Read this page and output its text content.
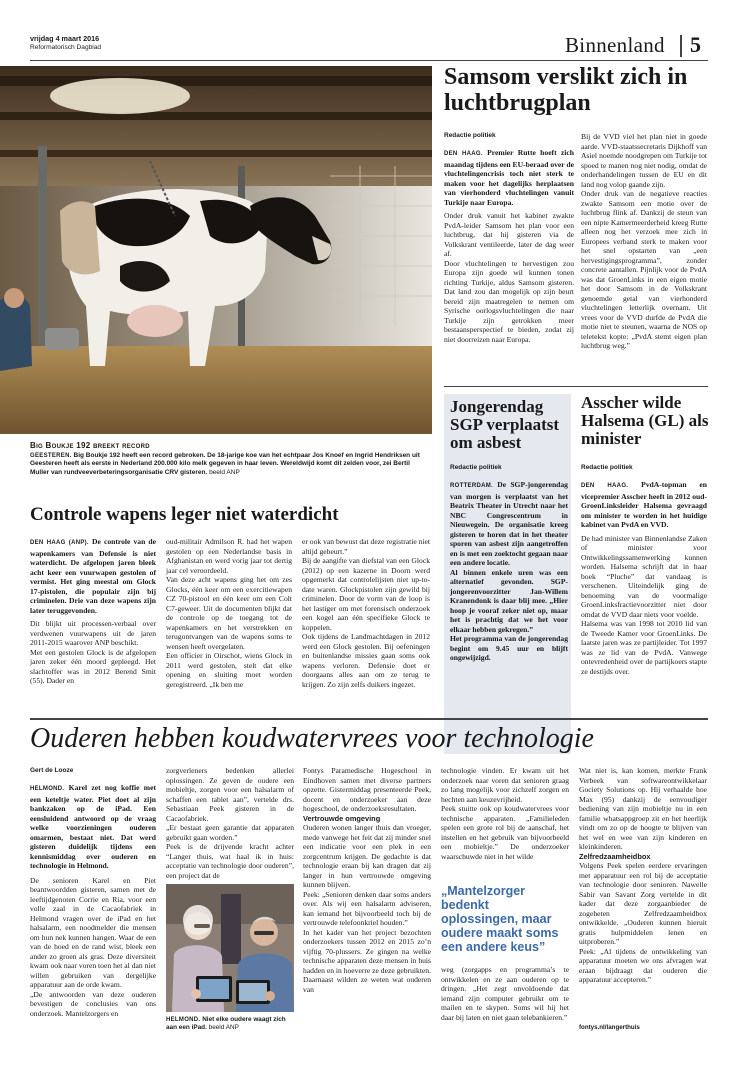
vrijdag 4 maart 2016
Reformatorisch Dagblad	Binnenland 5
Big Boukje 192 breekt record
GEESTEREN. Big Boukje 192 heeft een record gebroken. De 18-jarige koe van het echtpaar Jos Knoef en Ingrid Hendriksen uit Geesteren heeft als eerste in Nederland 200.000 kilo melk gegeven in haar leven. Wereldwijd komt dit zelden voor, zei Bertil Muller van rundveeverbeteringsorganisatie CRV gisteren. beeld ANP
Samsom verslikt zich in luchtbrugplan
Redactie politiek

DEN HAAG. Premier Rutte hoeft zich maandag tijdens een EU-beraad over de vluchtelingencrisis toch niet sterk te maken voor het dagelijks herplaatsen van vierhonderd vluchtelingen vanuit Turkije naar Europa.

Onder druk vanuit het kabinet zwakte PvdA-leider Samsom het plan voor een luchtbrug, dat hij gisteren via de Volkskrant ventileerde, later de dag weer af.

Door vluchtelingen te hervestigen zou Europa zijn goede wil kunnen tonen richting Turkije, aldus Samsom gisteren. Dat land zou dan mogelijk op zijn beurt bereid zijn maatregelen te nemen om Syrische oorlogsvluchtelingen die naar Turkije zijn getrokken meer bestaansperspectief te bieden, zodat zij niet doorreizen naar Europa.

Bij de VVD viel het plan niet in goede aarde. VVD-staatssecretaris Dijkhoff van Asiel noemde noodgrepen om Turkije tot spoed te manen nog niet nodig, omdat de onderhandelingen tussen de EU en dit land nog volop gaande zijn.

Onder druk van de negatieve reacties zwakte Samsom een motie over de luchtbrug flink af. Dankzij de steun van een nipte Kamermeerderheid kreeg Rutte alleen nog het verzoek mee zich in Europees verband sterk te maken voor het snel opstarten van „een hervestigingsprogramma”, zonder concrete aantallen. Pijnlijk voor de PvdA was dat GroenLinks in een eigen motie het door Samsom in de Volkskrant genoemde getal van vierhonderd vluchtelingen letterlijk overnam. Uit vrees voor de VVD durfde de PvdA die motie niet te steunen, waarna de NOS op teletekst kopte: „PvdA stemt eigen plan luchtbrug weg.”

Jongerendag SGP verplaatst om asbest
Redactie politiek

ROTTERDAM. De SGP-jongerendag van morgen is verplaatst van het Beatrix Theater in Utrecht naar het NBC Congrescentrum in Nieuwegein. De organisatie kreeg gisteren te horen dat in het theater sporen van asbest zijn aangetroffen en is met een zoektocht gegaan naar een andere locatie.

Al binnen enkele uren was een alternatief gevonden. SGP-jongerenvoorzitter Jan-Willem Kranendonk is daar blij mee. „Hier hoop je vooraf zeker niet op, maar het is prachtig dat we het voor elkaar hebben gekregen.”

Het programma van de jongerendag begint om 9.45 uur en blijft ongewijzigd.

Asscher wilde Halsema (GL) als minister
Redactie politiek

DEN HAAG. PvdA-topman en vicepremier Asscher heeft in 2012 oud-GroenLinksleider Halsema gevraagd om minister te worden in het huidige kabinet van PvdA en VVD.

De had minister van Binnenlandse Zaken of minister voor Ontwikkelingssamenwerking kunnen worden. Halsema schrijft dat in haar boek “Pluche” dat vandaag is verschenen. Uiteindelijk ging de benoeming van de voormalige GroenLinksfractievoorzitter niet door omdat de VVD daar niets voor voelde.

Halsema was van 1998 tot 2010 lid van de Tweede Kamer voor GroenLinks. De laatste jaren was ze partijleider. Tot 1997 was ze lid van de PvdA. Vanwege ontevredenheid over de partijkoers stapte ze destijds over.

Controle wapens leger niet waterdicht

DEN HAAG (ANP). De controle van de wapenkamers van Defensie is niet waterdicht. De afgelopen jaren bleek acht keer een vuurwapen gestolen of vermist. Het ging meestal om Glock 17-pistolen, die populair zijn bij criminelen. Drie van deze wapens zijn later teruggevonden.

Dit blijkt uit processen-verbaal over verdwenen vuurwapens uit de jaren 2011-2015 waarover ANP beschikt.

Met een gestolen Glock is de afgelopen jaren zeker één moord gepleegd. Het slachtoffer was in 2012 Berend Smit (55). Dader en

oud-militair Admilson R. had het wapen gestolen op een Nederlandse basis in Afghanistan en werd vorig jaar tot dertig jaar cel veroordeeld.

Van deze acht wapens ging het om zes Glocks, één keer om een exercitiewapen CZ 70-pistool en één keer om een Colt C7-geweer. Uit de documenten blijkt dat de controle op de toegang tot de wapenkamers en het verstrekken en terugontvangen van de wapens soms te wensen heeft overgelaten.

Een officier in Oirschot, wiens Glock in 2011 werd gestolen, stelt dat elke opening en sluiting moet worden geregistreerd. „Ik ben me

er ook van bewust dat deze registratie niet altijd gebeurt.”

Bij de aangifte van diefstal van een Glock (2012) op een kazerne in Doorn werd opgemerkt dat controlelijsten niet up-to-date waren. Glockpistolen zijn gewild bij criminelen. Door de vorm van de loop is het lastiger om met forensisch onderzoek een kogel aan één specifieke Glock te koppelen.

Ook tijdens de Landmachtdagen in 2012 werd een Glock gestolen. Bij oefeningen en buitenlandse missies gaan soms ook wapens verloren. Defensie doet er doorgaans alles aan om ze terug te krijgen. Zo zijn zelfs duikers ingezet.

Ouderen hebben koudwatervrees voor technologie
Gert de Looze

HELMOND. Karel zet nog koffie met een keteltje water. Piet doet al zijn bankzaken op de iPad. Een eensluidend antwoord op de vraag welke voorzieningen ouderen omarmen, bestaat niet. Dat werd gisteren duidelijk tijdens een kennismiddag over ouderen en technologie in Helmond.

De senioren Karel en Piet beantwoordden gisteren, samen met de leeftijdgenoten Corrie en Ria, voor een volle zaal in de Cacaofabriek in Helmond vragen over de iPad en het halsalarm, een noodmelder die mensen om hun nek kunnen hangen. Waar de een van de hoed en de rand wist, bleek een ander zo groen als gras. Deze diversiteit kwam ook naar voren toen het al dan niet willen gebruiken van dergelijke apparatuur aan de orde kwam.

„De antwoorden van deze ouderen bevestigen de conclusies van ons onderzoek. Mantelzorgers en

zorgverleners bedenken allerlei oplossingen. Ze geven de oudere een mobieltje, zorgen voor een halsalarm of schaffen een tablet aan”, vertelde drs. Sebastiaan Peek gisteren in de Cacaofabriek.

„Er bestaat geen garantie dat apparaten gebruikt gaan worden.”

Peek is de drijvende kracht achter “Langer thuis, wat haal ik in huis: acceptatie van technologie door ouderen”, een project dat de

HELMOND. Niet elke oudere waagt zich aan een iPad. beeld ANP

Fontys Paramedische Hogeschool in Eindhoven samen met diverse partners opzette. Gistermiddag presenteerde Peek, docent en onderzoeker aan deze hogeschool, de onderzoeksresultaten.

Vertrouwde omgeving

Ouderen wonen langer thuis dan vroeger, mede vanwege het feit dat zij minder snel een indicatie voor een plek in een zorgcentrum krijgen. De gedachte is dat technologie eraan bij kan dragen dat zij langer in hun vertrouwde omgeving kunnen blijven.

Peek: „Senioren denken daar soms anders over. Als wij een halsalarm adviseren, kan iemand het bijvoorbeeld toch bij de vertrouwde telefoonkriel houden.”

In het kader van het project bezochten onderzoekers tussen 2012 en 2015 zo’n vijftig 70-plussers. Ze gingen na welke technische apparaten deze mensen in huis hadden en in hoeverre ze deze gebruikten. Daarnaast wilden ze weten wat ouderen van

technologie vinden. Er kwam uit het onderzoek naar voren dat senioren graag zo lang mogelijk voor zichzelf zorgen en hechten aan keuzevrijheid.

Peek stuitte ook op koudwatervrees voor technische apparaten. „Familieleden spelen een grote rol bij de aanschaf, het instellen en het gebruik van bijvoorbeeld een mobieltje.” De onderzoeker waarschuwde niet in het wilde

„Mantelzorger bedenkt oplossingen, maar oudere maakt soms een andere keus”

weg (zorgapps en programma’s te ontwikkelen en ze aan ouderen op te dringen. „Het zegt onvoldoende dat iemand zijn computer gebruikt om te mailen en te skypen. Soms wil hij het daar bij laten en niet gaan telebankieren.”

Wat niet is, kan komen, merkte Frank Verbeek van softwareontwikkelaar Gociety Solutions op. Hij verhaalde hoe Max (95) dankzij de eenvoudiger bediening van zijn mobieltje nu in een familie whatsappgroep zit en het heerlijk vindt om zo op de hoogte te blijven van het wel en wee van zijn kinderen en kleinkinderen.

Zelfredzaamheidbox

Volgens Peek spelen eerdere ervaringen met apparatuur een rol bij de acceptatie van technologie door senioren. Nawelle Sabir van Savant Zorg vertelde in dit kader dat deze zorgaanbieder de zogeheten Zelfredzaamheidbox ontwikkelde. „Ouderen kunnen hieruit gratis hulpmiddelen lenen en uitproberen.”

Peek: „Al tijdens de ontwikkeling van apparatuur moeten we ons afvragen wat eraan bijdraagt dat ouderen die apparatuur accepteren.”

fontys.nl/langerthuis
